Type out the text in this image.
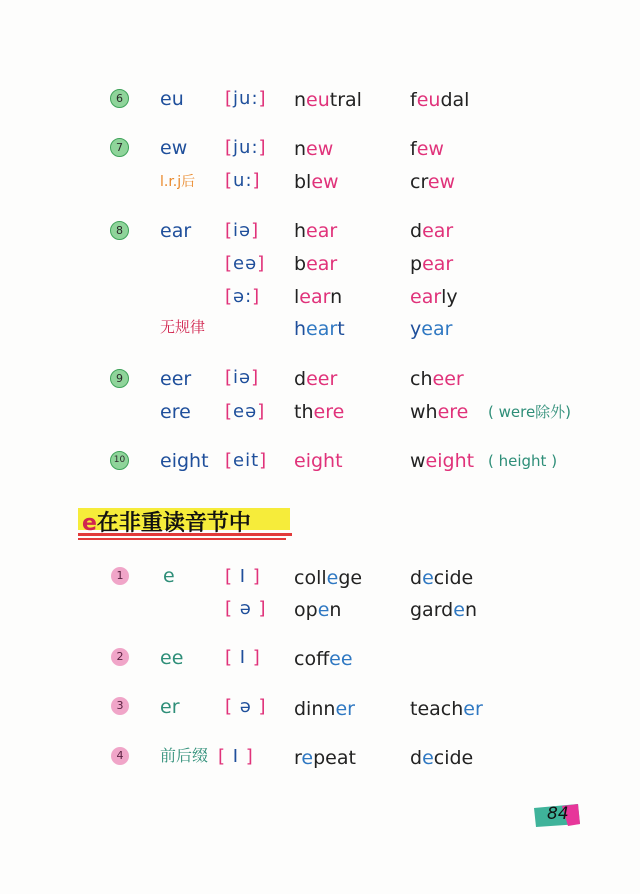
6	eu [ju:] neutral	feudal
7	ew [ju:] new	few
l.r.j后 [u:] blew	crew
8	ear [iə] hear	dear
[eə] bear	pear
[ə:] learn	early
无规律	heart	year
9	eer [iə] deer	cheer
ere [eə] there	where ( were除外)
10 eight [eit] eight	weight ( height )
e在非重读音节中
1 e	[ I ] college	decide
[ ə ] open	garden
2 ee [ I ] coffee
3 er	[ ə ] dinner	teacher
4	前后缀 [ I ] repeat	decide
84
